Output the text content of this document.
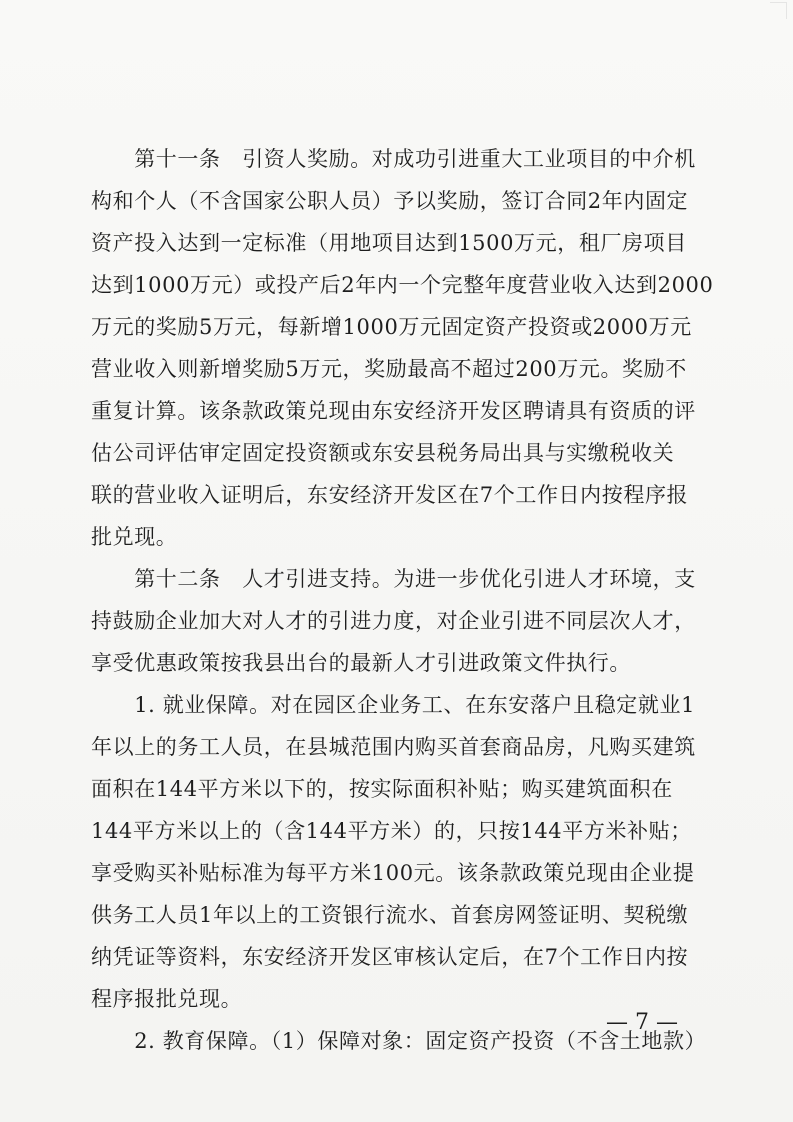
　　第十一条　引资人奖励。对成功引进重大工业项目的中介机
构和个人（不含国家公职人员）予以奖励，签订合同2年内固定
资产投入达到一定标准（用地项目达到1500万元，租厂房项目
达到1000万元）或投产后2年内一个完整年度营业收入达到2000
万元的奖励5万元，每新增1000万元固定资产投资或2000万元
营业收入则新增奖励5万元，奖励最高不超过200万元。奖励不
重复计算。该条款政策兑现由东安经济开发区聘请具有资质的评
估公司评估审定固定投资额或东安县税务局出具与实缴税收关
联的营业收入证明后，东安经济开发区在7个工作日内按程序报
批兑现。
　　第十二条　人才引进支持。为进一步优化引进人才环境，支
持鼓励企业加大对人才的引进力度，对企业引进不同层次人才，
享受优惠政策按我县出台的最新人才引进政策文件执行。
　　1. 就业保障。对在园区企业务工、在东安落户且稳定就业1
年以上的务工人员，在县城范围内购买首套商品房，凡购买建筑
面积在144平方米以下的，按实际面积补贴；购买建筑面积在
144平方米以上的（含144平方米）的，只按144平方米补贴；
享受购买补贴标准为每平方米100元。该条款政策兑现由企业提
供务工人员1年以上的工资银行流水、首套房网签证明、契税缴
纳凭证等资料，东安经济开发区审核认定后，在7个工作日内按
程序报批兑现。
　　2. 教育保障。（1）保障对象：固定资产投资（不含土地款）
— 7 —
